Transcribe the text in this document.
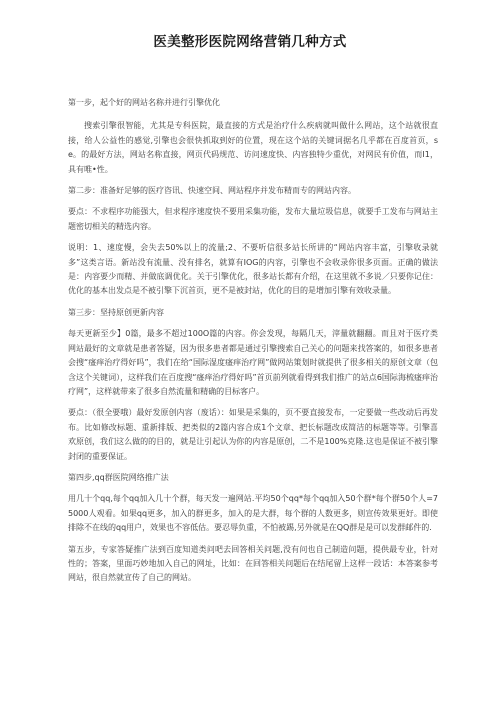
医美整形医院网络营销几种方式

第一步，起个好的网站名称并进行引擎优化

搜索引擎很智能，尤其是专科医院，最直接的方式是治疗什么疾病就叫做什么网站，这个站就很直接，给人公益性的感觉,引擎也会很快抓取到好的位置，现在这个站的关键词据名几乎都在百度首页，se。的最好方法，网站名称直接，网页代码规范、访问速度快、内容独特少重优，对网民有价值，而I1，具有唯•性。

第二步：准备好足够的医疗咨讯、快速空间、网站程序并发布精而专的网站内容。

要点：不求程序功能强大，但求程序速度快不要用采集功能，发布大量垃圾信息，就要手工发布与网站主题密切相关的精选内容。

说明：1、速度慢，会失去50%以上的流量;2、不要听信很多站长所讲的“网站内容丰富，引擎收录就多”这类言语。新站没有流量、没有排名，就算有IOG的内容，引擎也不会收录你很多页面。正确的做法是：内容要少而精、并做底调优化。关于引擎优化，很多站长都有介绍，在这里就不多说／只要你记住：优化的基本出发点是不被引擎下沉首页，更不是被封站，优化的目的是增加引擎有效收录量。

第三步：坚持原创更新内容

每天更新至少】0篇，最多不超过100O篇的内容。你会发现，每隔几天，滓量就翻翻。而且对于医疗类网站最好的文章就是患者答疑，因为很多患者都是通过引擎搜索自己关心的问题来找答案的，如很多患者会搜“瘙痒治疗得好吗”，我们在给“国际湿度瘙痒治疗网”做网站策划时就提供了很多相关的原创文章（包含这个关键词），这样我们在百度搜“瘙痒治疗得好吗”首页前列就看得到我们推广的站点6国际海梳瘙痒治疗网”，这样就带来了很多自然流量和精确的目标客户。

要点：（很全要哦）最好发原创内容（废话）：如果是采集的，页不要直接发布，一定要做一些改动后再发布。比如修改标题、重新排版、把类似的2篇内容合成1个文章、把长标题改成简洁的标题等等。引擎喜欢原创，我们这么做的的目的，就是让引起认为你的内容是原创，二不是100%克隆.这也是保证不被引擎封闭的重要保证。

第四步,qq群医院网络推广法

用几十个qq,每个qq加入几十个群，每天发一遍网站.平均50个qq*每个qq加入50个群*每个群50个人=75000人观看。如果qq更多，加入的群更多，加入的是大群，每个群的人数更多，则宣传效果更好。即使排除不在线的qq用户，效果也不容低估。要忍辱负重，不怕被踢,另外就是在QQ群是是可以发群邮件的.

第五步，专家答疑推广法到百度知道类问吧去回答相关问题,没有问也自己制造问题，提供最专业，针对性的；答案，里面巧妙地加入自己的网址，比如：在回答相关问题后在结尾留上这样一段话：本答案参考网站，很自然就宣传了自己的网站。
